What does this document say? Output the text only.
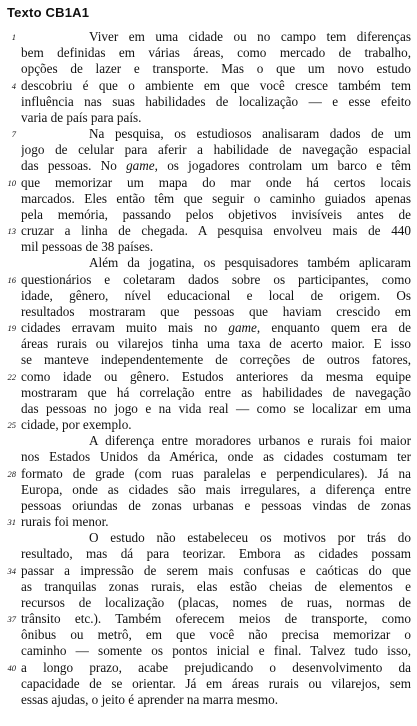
Texto CB1A1
1	Viver em uma cidade ou no campo tem diferenças
bem definidas em várias áreas, como mercado de trabalho,
opções de lazer e transporte. Mas o que um novo estudo
4 descobriu é que o ambiente em que você cresce também tem
influência nas suas habilidades de localização — e esse efeito
varia de país para país.
7	Na pesquisa, os estudiosos analisaram dados de um
jogo de celular para aferir a habilidade de navegação espacial
das pessoas. No game, os jogadores controlam um barco e têm
10 que memorizar um mapa do mar onde há certos locais
marcados. Eles então têm que seguir o caminho guiados apenas
pela memória, passando pelos objetivos invisíveis antes de
13 cruzar a linha de chegada. A pesquisa envolveu mais de 440
mil pessoas de 38 países.
Além da jogatina, os pesquisadores também aplicaram
16 questionários e coletaram dados sobre os participantes, como
idade, gênero, nível educacional e local de origem. Os
resultados mostraram que pessoas que haviam crescido em
19 cidades erravam muito mais no game, enquanto quem era de
áreas rurais ou vilarejos tinha uma taxa de acerto maior. E isso
se manteve independentemente de correções de outros fatores,
22 como idade ou gênero. Estudos anteriores da mesma equipe
mostraram que há correlação entre as habilidades de navegação
das pessoas no jogo e na vida real — como se localizar em uma
25 cidade, por exemplo.
A diferença entre moradores urbanos e rurais foi maior
nos Estados Unidos da América, onde as cidades costumam ter
28 formato de grade (com ruas paralelas e perpendiculares). Já na
Europa, onde as cidades são mais irregulares, a diferença entre
pessoas oriundas de zonas urbanas e pessoas vindas de zonas
31 rurais foi menor.
O estudo não estabeleceu os motivos por trás do
resultado, mas dá para teorizar. Embora as cidades possam
34 passar a impressão de serem mais confusas e caóticas do que
as tranquilas zonas rurais, elas estão cheias de elementos e
recursos de localização (placas, nomes de ruas, normas de
37 trânsito etc.). Também oferecem meios de transporte, como
ônibus ou metrô, em que você não precisa memorizar o
caminho — somente os pontos inicial e final. Talvez tudo isso,
40 a longo prazo, acabe prejudicando o desenvolvimento da
capacidade de se orientar. Já em áreas rurais ou vilarejos, sem
essas ajudas, o jeito é aprender na marra mesmo.
